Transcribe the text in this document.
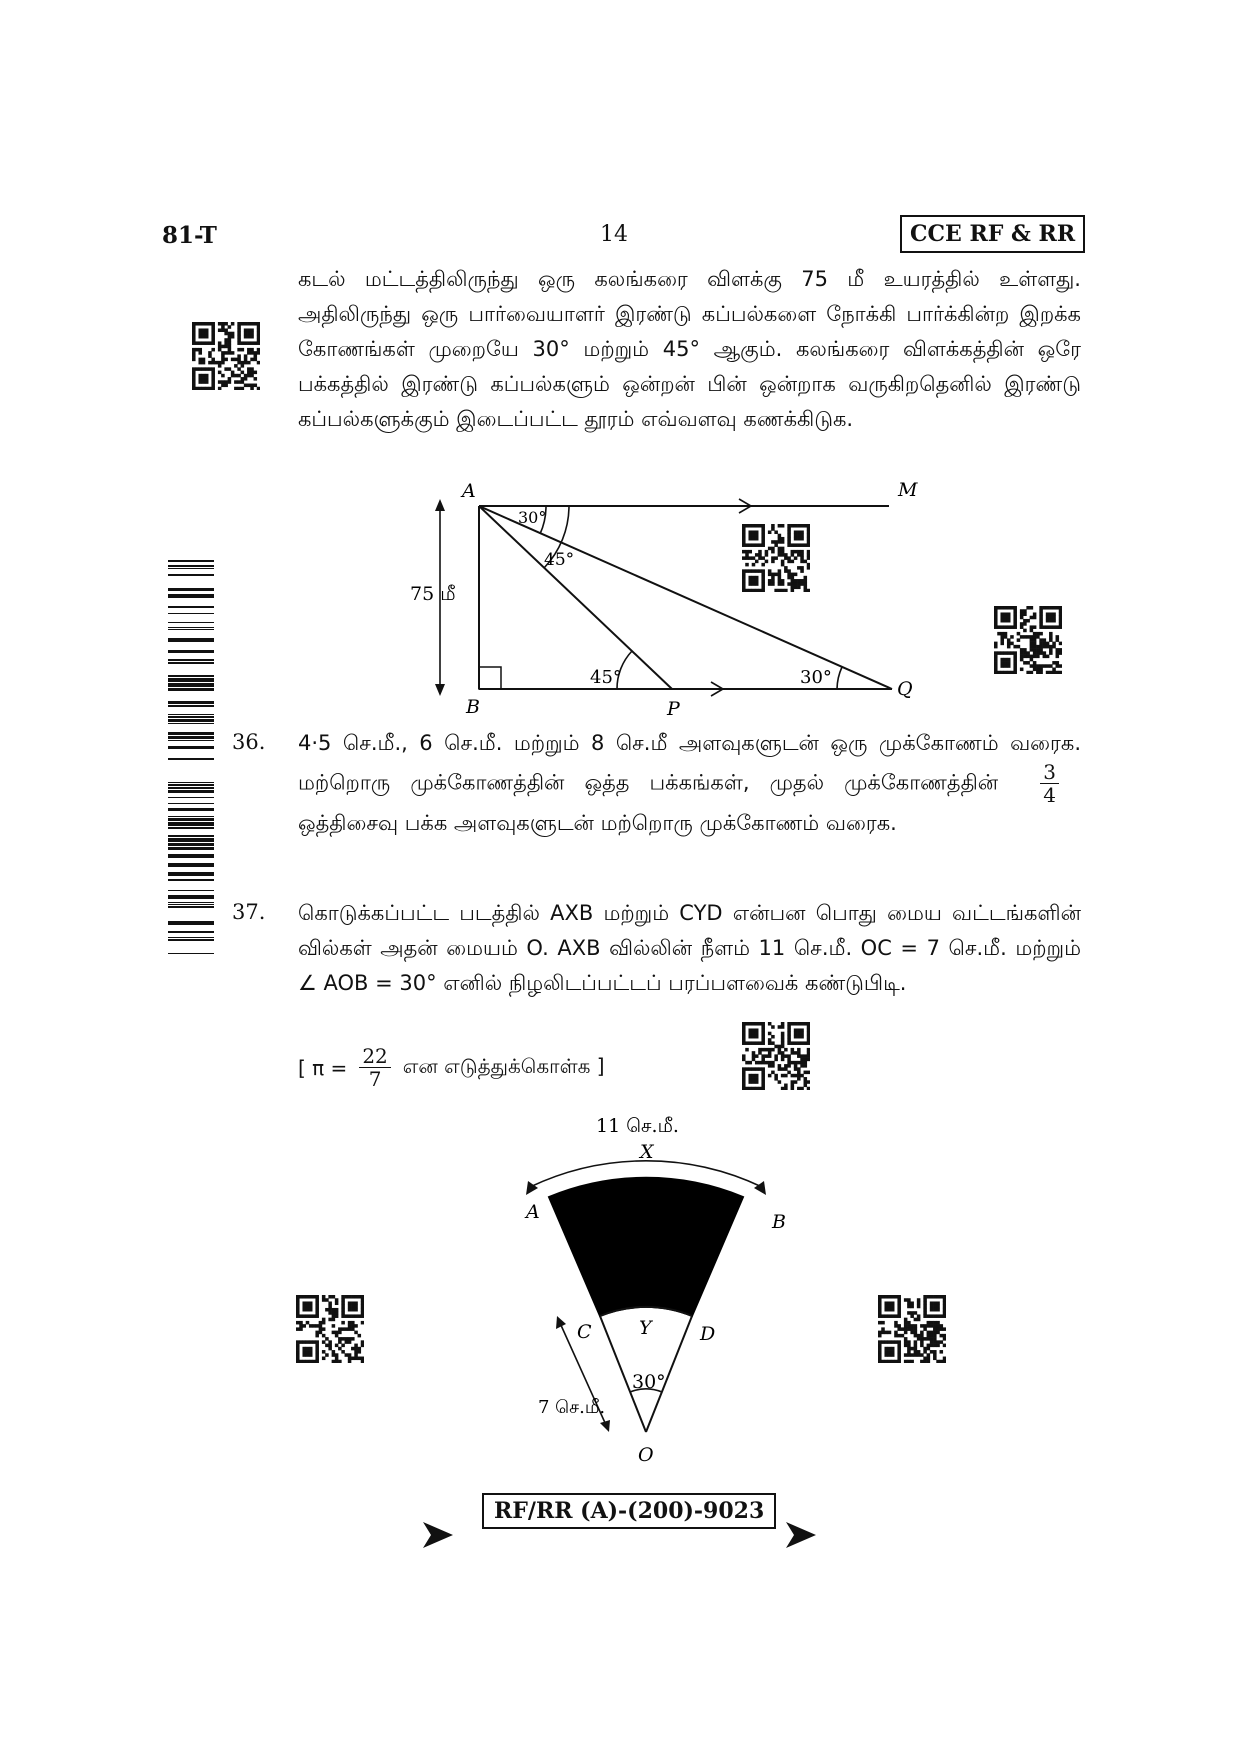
81-T	14	CCE RF & RR
கடல் மட்டத்திலிருந்து ஒரு கலங்கரை விளக்கு 75 மீ உயரத்தில் உள்ளது. அதிலிருந்து ஒரு பார்வையாளர் இரண்டு கப்பல்களை நோக்கி பார்க்கின்ற இறக்க கோணங்கள் முறையே 30° மற்றும் 45° ஆகும். கலங்கரை விளக்கத்தின் ஒரே பக்கத்தில் இரண்டு கப்பல்களும் ஒன்றன் பின் ஒன்றாக வருகிறதெனில் இரண்டு கப்பல்களுக்கும் இடைப்பட்ட தூரம் எவ்வளவு கணக்கிடுக.
A	M
B	P
Q
75 மீ
30°
45°
45°	30°
36. 4·5 செ.மீ., 6 செ.மீ. மற்றும் 8 செ.மீ அளவுகளுடன் ஒரு முக்கோணம் வரைக. மற்றொரு முக்கோணத்தின் ஒத்த பக்கங்கள், முதல் முக்கோணத்தின் $\frac{3}{4}$
ஒத்திசைவு பக்க அளவுகளுடன் மற்றொரு முக்கோணம் வரைக.
37. கொடுக்கப்பட்ட படத்தில் AXB மற்றும் CYD என்பன பொது மைய வட்டங்களின் வில்கள் அதன் மையம் O. AXB வில்லின் நீளம் 11 செ.மீ. OC = 7 செ.மீ. மற்றும் ∠ AOB = 30° எனில் நிழலிடப்பட்டப் பரப்பளவைக் கண்டுபிடி.
[ $\pi = \frac{22}{7}$ என எடுத்துக்கொள்க ]
11 செ.மீ.
X
A	B
C Y	D
O
30°
7 செ.மீ.
RF/RR (A)-(200)-9023
